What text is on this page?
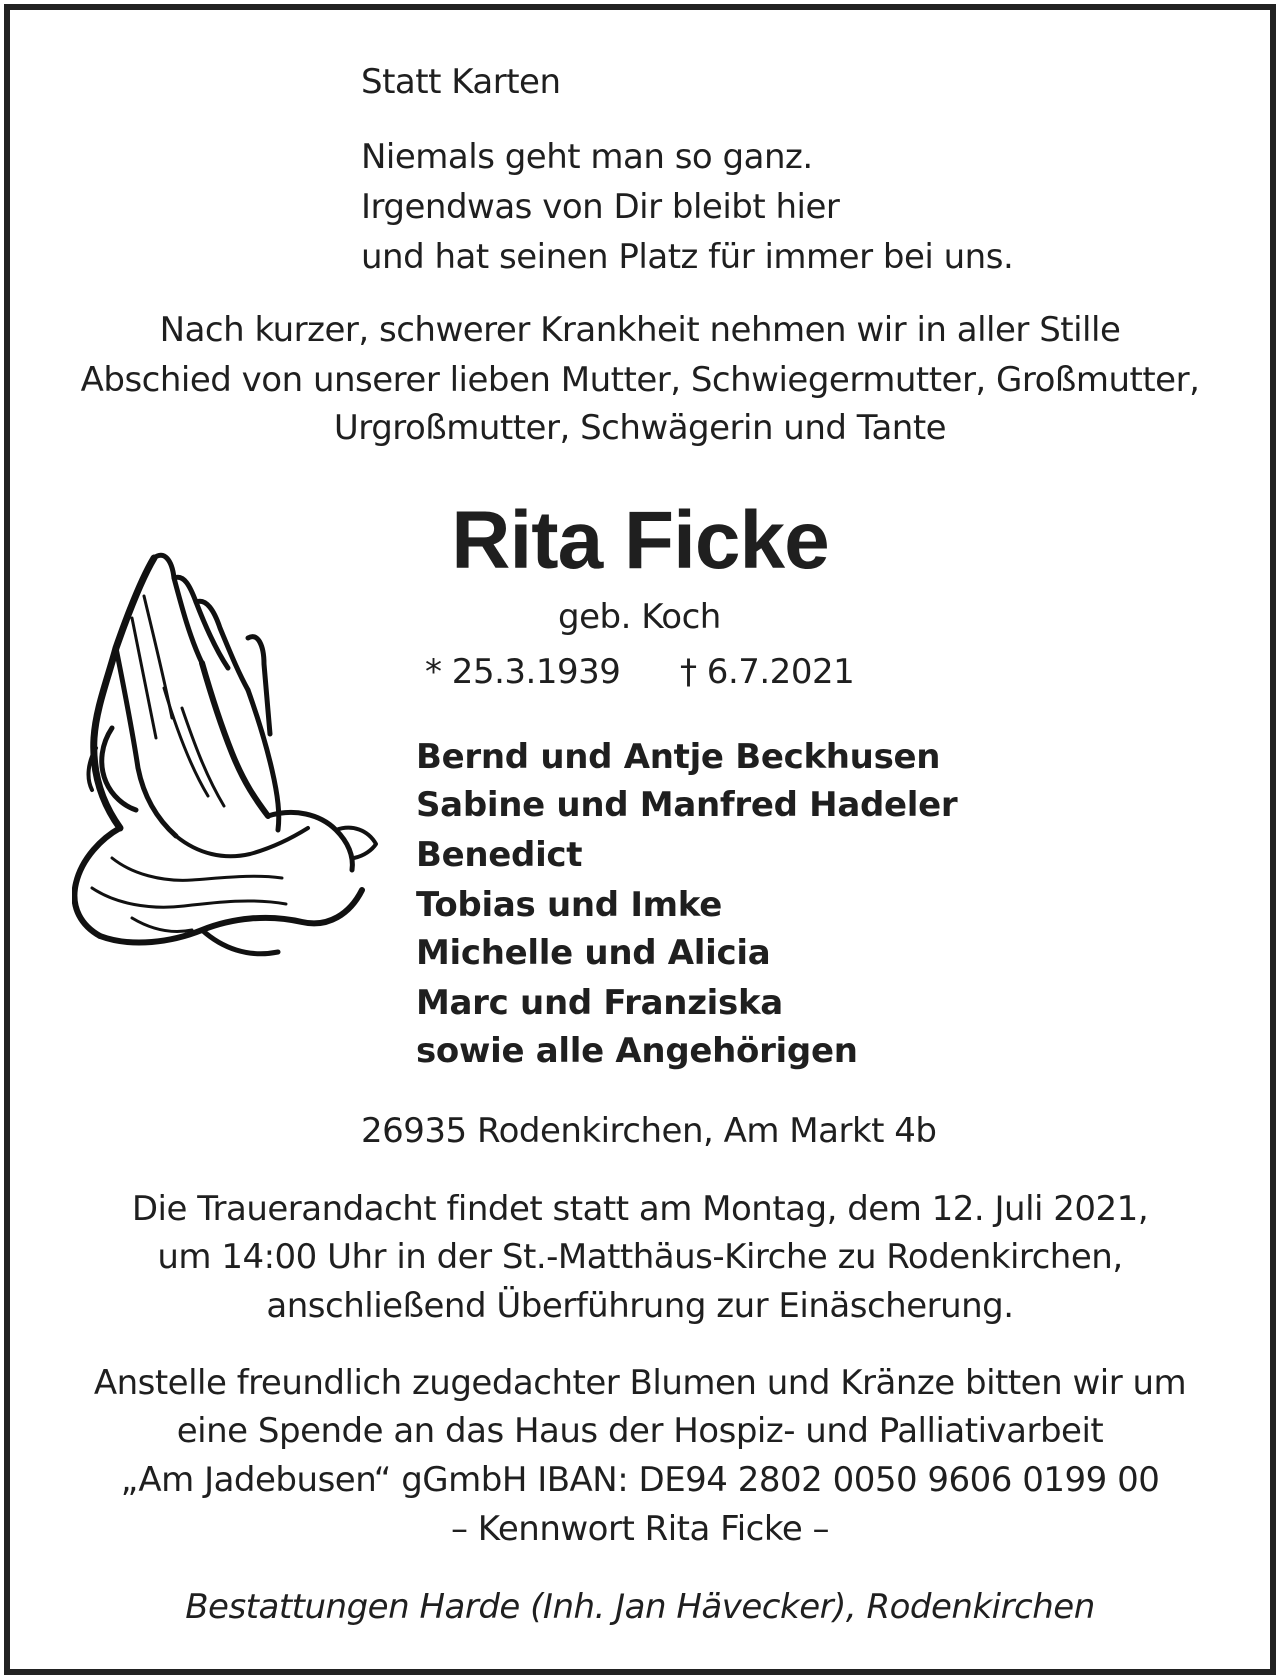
Statt Karten
Niemals geht man so ganz.
Irgendwas von Dir bleibt hier
und hat seinen Platz für immer bei uns.
Nach kurzer, schwerer Krankheit nehmen wir in aller Stille
Abschied von unserer lieben Mutter, Schwiegermutter, Großmutter,
Urgroßmutter, Schwägerin und Tante
Rita Ficke
geb. Koch
* 25.3.1939 † 6.7.2021
Bernd und Antje Beckhusen
Sabine und Manfred Hadeler
Benedict
Tobias und Imke
Michelle und Alicia
Marc und Franziska
sowie alle Angehörigen
26935 Rodenkirchen, Am Markt 4b
Die Trauerandacht findet statt am Montag, dem 12. Juli 2021,
um 14:00 Uhr in der St.-Matthäus-Kirche zu Rodenkirchen,
anschließend Überführung zur Einäscherung.
Anstelle freundlich zugedachter Blumen und Kränze bitten wir um
eine Spende an das Haus der Hospiz- und Palliativarbeit
„Am Jadebusen“ gGmbH IBAN: DE94 2802 0050 9606 0199 00
– Kennwort Rita Ficke –
Bestattungen Harde (Inh. Jan Hävecker), Rodenkirchen
